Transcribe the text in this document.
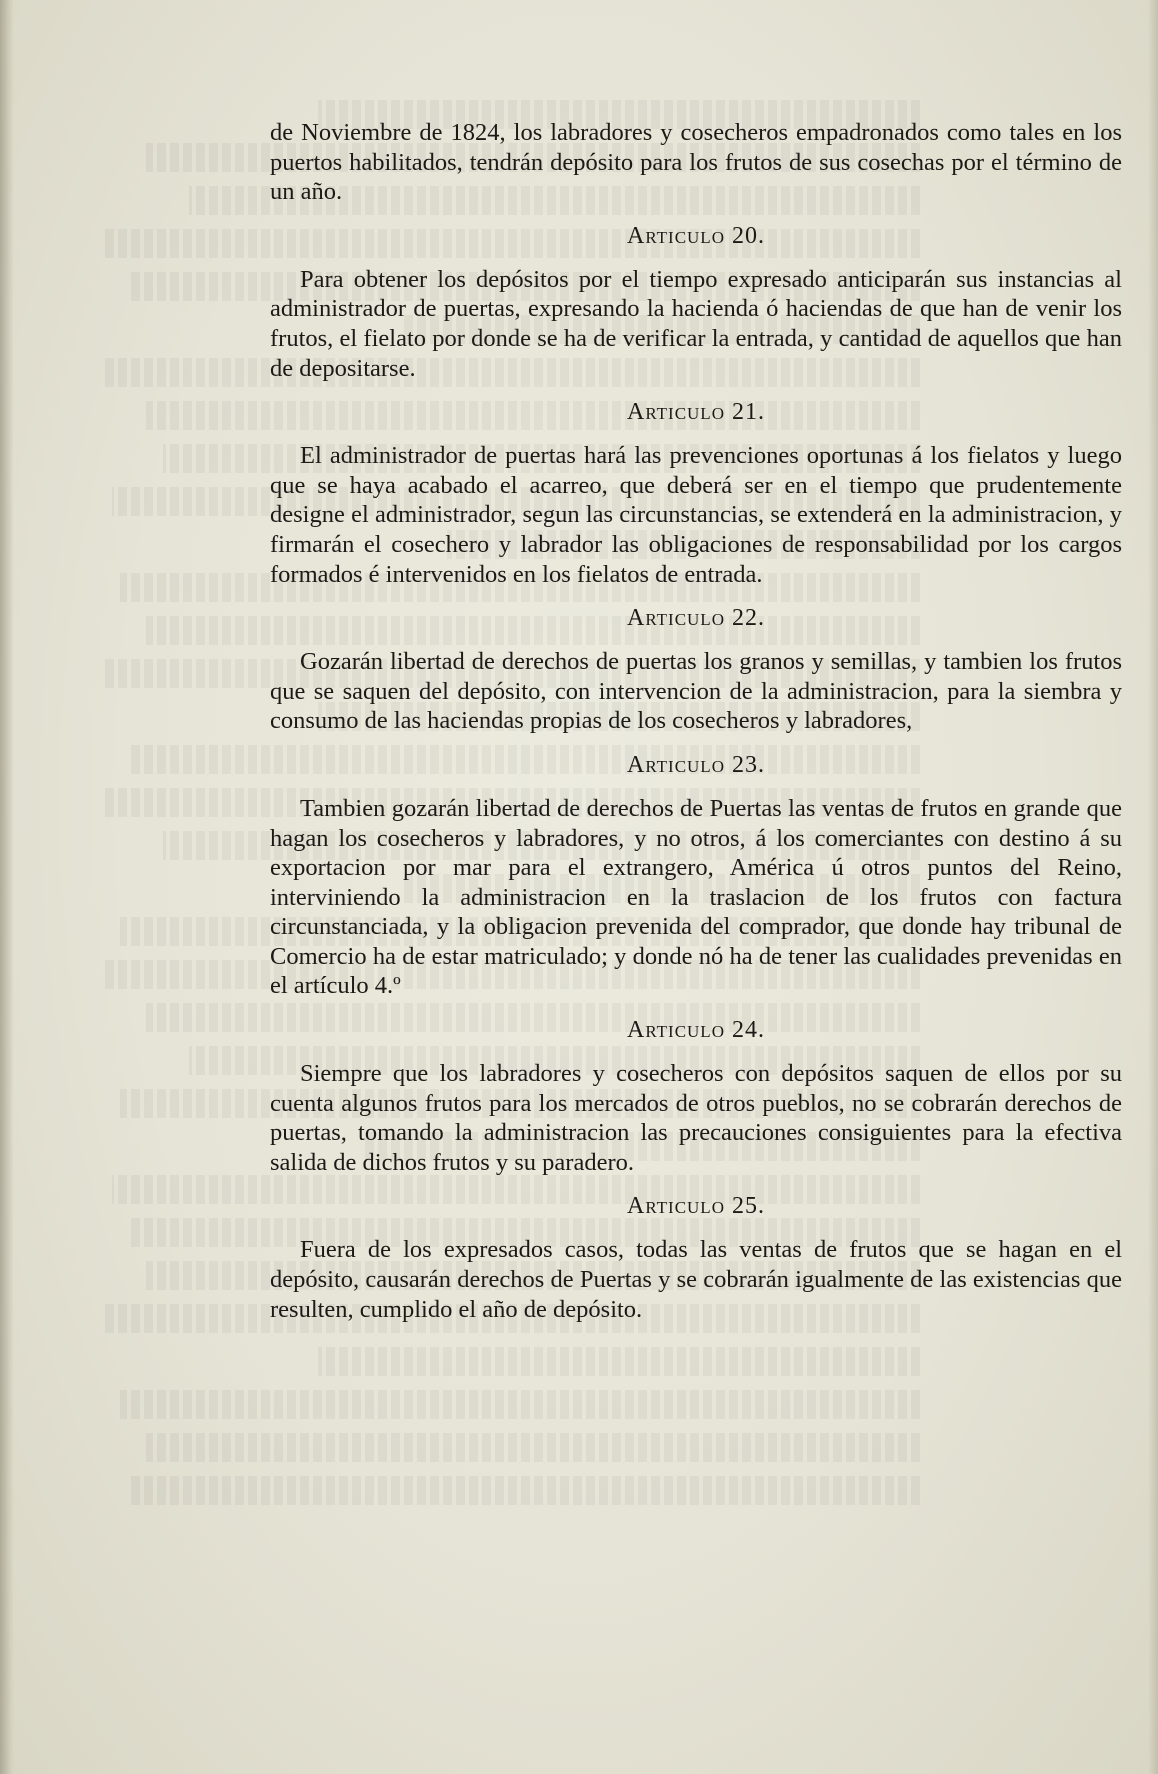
de Noviembre de 1824, los labradores y cosecheros empadronados como tales en los puertos habilitados, tendrán depósito para los frutos de sus cosechas por el término de un año.

Articulo 20.

Para obtener los depósitos por el tiempo expresado anticiparán sus instancias al administrador de puertas, expresando la hacienda ó haciendas de que han de venir los frutos, el fielato por donde se ha de verificar la entrada, y cantidad de aquellos que han de depositarse.

Articulo 21.

El administrador de puertas hará las prevenciones oportunas á los fielatos y luego que se haya acabado el acarreo, que deberá ser en el tiempo que prudentemente designe el administrador, segun las circunstancias, se extenderá en la administracion, y firmarán el cosechero y labrador las obligaciones de responsabilidad por los cargos formados é intervenidos en los fielatos de entrada.

Articulo 22.

Gozarán libertad de derechos de puertas los granos y semillas, y tambien los frutos que se saquen del depósito, con intervencion de la administracion, para la siembra y consumo de las haciendas propias de los cosecheros y labradores,

Articulo 23.

Tambien gozarán libertad de derechos de Puertas las ventas de frutos en grande que hagan los cosecheros y labradores, y no otros, á los comerciantes con destino á su exportacion por mar para el extrangero, América ú otros puntos del Reino, interviniendo la administracion en la traslacion de los frutos con factura circunstanciada, y la obligacion prevenida del comprador, que donde hay tribunal de Comercio ha de estar matriculado; y donde nó ha de tener las cualidades prevenidas en el artículo 4.º

Articulo 24.

Siempre que los labradores y cosecheros con depósitos saquen de ellos por su cuenta algunos frutos para los mercados de otros pueblos, no se cobrarán derechos de puertas, tomando la administracion las precauciones consiguientes para la efectiva salida de dichos frutos y su paradero.

Articulo 25.

Fuera de los expresados casos, todas las ventas de frutos que se hagan en el depósito, causarán derechos de Puertas y se cobrarán igualmente de las existencias que resulten, cumplido el año de depósito.
